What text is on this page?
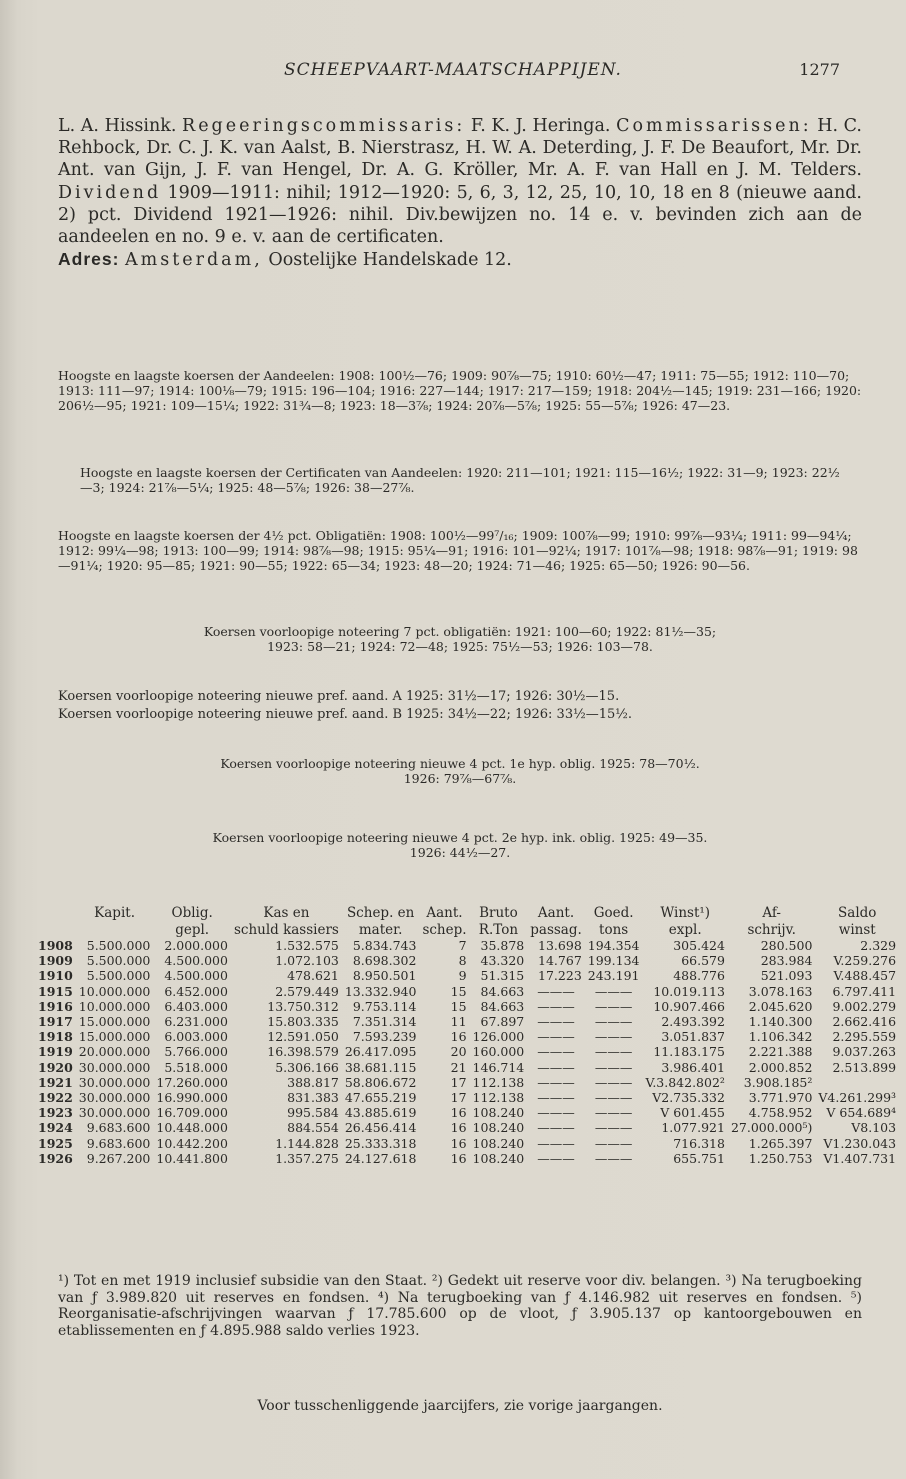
SCHEEPVAART-MAATSCHAPPIJEN.	1277

L. A. Hissink. Regeeringscommissaris: F. K. J. Heringa. Commissarissen: H. C. Rehbock, Dr. C. J. K. van Aalst, B. Nierstrasz, H. W. A. Deterding, J. F. De Beaufort, Mr. Dr. Ant. van Gijn, J. F. van Hengel, Dr. A. G. Kröller, Mr. A. F. van Hall en J. M. Telders. Dividend 1909—1911: nihil; 1912—1920: 5, 6, 3, 12, 25, 10, 10, 18 en 8 (nieuwe aand. 2) pct. Dividend 1921—1926: nihil. Div.bewijzen no. 14 e. v. bevinden zich aan de aandeelen en no. 9 e. v. aan de certificaten.

Adres: Amsterdam, Oostelijke Handelskade 12.

Hoogste en laagste koersen der Aandeelen: 1908: 100½—76; 1909: 90⅞—75; 1910: 60½—47; 1911: 75—55; 1912: 110—70; 1913: 111—97; 1914: 100⅛—79; 1915: 196—104; 1916: 227—144; 1917: 217—159; 1918: 204½—145; 1919: 231—166; 1920: 206½—95; 1921: 109—15¼; 1922: 31¾—8; 1923: 18—3⅞; 1924: 20⅞—5⅞; 1925: 55—5⅞; 1926: 47—23.

Hoogste en laagste koersen der Certificaten van Aandeelen: 1920: 211—101; 1921: 115—16½; 1922: 31—9; 1923: 22½—3; 1924: 21⅞—5¼; 1925: 48—5⅞; 1926: 38—27⅞.

Hoogste en laagste koersen der 4½ pct. Obligatiën: 1908: 100½—99⁷/₁₆; 1909: 100⅞—99; 1910: 99⅞—93¼; 1911: 99—94¼; 1912: 99¼—98; 1913: 100—99; 1914: 98⅞—98; 1915: 95¼—91; 1916: 101—92¼; 1917: 101⅞—98; 1918: 98⅞—91; 1919: 98—91¼; 1920: 95—85; 1921: 90—55; 1922: 65—34; 1923: 48—20; 1924: 71—46; 1925: 65—50; 1926: 90—56.

Koersen voorloopige noteering 7 pct. obligatiën: 1921: 100—60; 1922: 81½—35;

1923: 58—21; 1924: 72—48; 1925: 75½—53; 1926: 103—78.

Koersen voorloopige noteering nieuwe pref. aand. A 1925: 31½—17; 1926: 30½—15.

Koersen voorloopige noteering nieuwe pref. aand. B 1925: 34½—22; 1926: 33½—15½.

Koersen voorloopige noteering nieuwe 4 pct. 1e hyp. oblig. 1925: 78—70½.

1926: 79⅞—67⅞.

Koersen voorloopige noteering nieuwe 4 pct. 2e hyp. ink. oblig. 1925: 49—35.

1926: 44½—27.

	Kapit.	Oblig.	Kas en	Schep. en	Aant.	Bruto	Aant.	Goed.	Winst¹)	Af-	Saldo
		gepl.	schuld kassiers	mater.	schep.	R.Ton	passag.	tons	expl.	schrijv.	winst
1908	5.500.000	2.000.000	1.532.575	5.834.743	7	35.878	13.698	194.354	305.424	280.500	2.329
1909	5.500.000	4.500.000	1.072.103	8.698.302	8	43.320	14.767	199.134	66.579	283.984	V.259.276
1910	5.500.000	4.500.000	478.621	8.950.501	9	51.315	17.223	243.191	488.776	521.093	V.488.457
1915	10.000.000	6.452.000	2.579.449	13.332.940	15	84.663	———	———	10.019.113	3.078.163	6.797.411
1916	10.000.000	6.403.000	13.750.312	9.753.114	15	84.663	———	———	10.907.466	2.045.620	9.002.279
1917	15.000.000	6.231.000	15.803.335	7.351.314	11	67.897	———	———	2.493.392	1.140.300	2.662.416
1918	15.000.000	6.003.000	12.591.050	7.593.239	16	126.000	———	———	3.051.837	1.106.342	2.295.559
1919	20.000.000	5.766.000	16.398.579	26.417.095	20	160.000	———	———	11.183.175	2.221.388	9.037.263
1920	30.000.000	5.518.000	5.306.166	38.681.115	21	146.714	———	———	3.986.401	2.000.852	2.513.899
1921	30.000.000	17.260.000	388.817	58.806.672	17	112.138	———	———	V.3.842.802²	3.908.185²	
1922	30.000.000	16.990.000	831.383	47.655.219	17	112.138	———	———	V2.735.332	3.771.970	V4.261.299³
1923	30.000.000	16.709.000	995.584	43.885.619	16	108.240	———	———	V 601.455	4.758.952	V 654.689⁴
1924	9.683.600	10.448.000	884.554	26.456.414	16	108.240	———	———	1.077.921	27.000.000⁵)	V8.103
1925	9.683.600	10.442.200	1.144.828	25.333.318	16	108.240	———	———	716.318	1.265.397	V1.230.043
1926	9.267.200	10.441.800	1.357.275	24.127.618	16	108.240	———	———	655.751	1.250.753	V1.407.731

¹) Tot en met 1919 inclusief subsidie van den Staat. ²) Gedekt uit reserve voor div. belangen. ³) Na terugboeking van ƒ 3.989.820 uit reserves en fondsen. ⁴) Na terugboeking van ƒ 4.146.982 uit reserves en fondsen. ⁵) Reorganisatie-afschrijvingen waarvan ƒ 17.785.600 op de vloot, ƒ 3.905.137 op kantoorgebouwen en etablissementen en ƒ 4.895.988 saldo verlies 1923.

Voor tusschenliggende jaarcijfers, zie vorige jaargangen.
